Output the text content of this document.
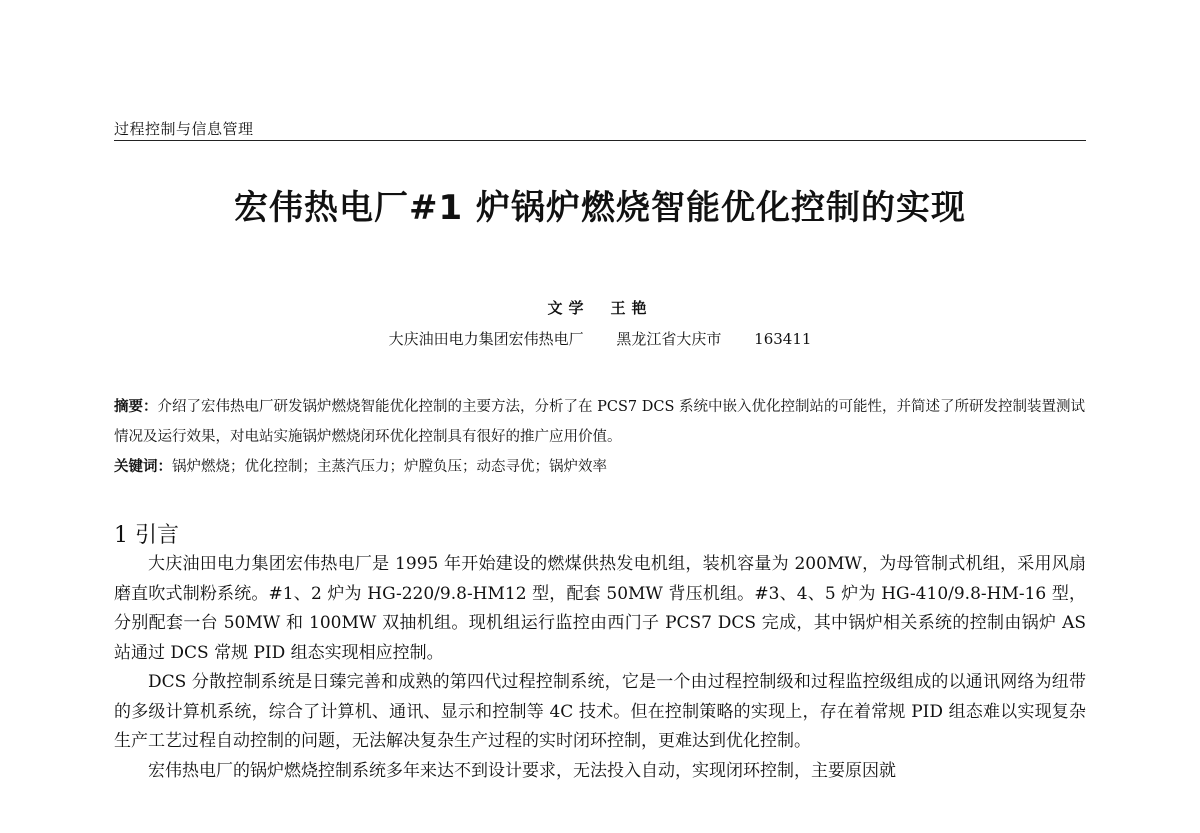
过程控制与信息管理
宏伟热电厂#1 炉锅炉燃烧智能优化控制的实现
文学　王艳
大庆油田电力集团宏伟热电厂 黑龙江省大庆市 163411
摘要：介绍了宏伟热电厂研发锅炉燃烧智能优化控制的主要方法，分析了在 PCS7 DCS 系统中嵌入优化控制站的可能性，并简述了所研发控制装置测试情况及运行效果，对电站实施锅炉燃烧闭环优化控制具有很好的推广应用价值。
关键词：锅炉燃烧；优化控制；主蒸汽压力；炉膛负压；动态寻优；锅炉效率
1 引言

大庆油田电力集团宏伟热电厂是 1995 年开始建设的燃煤供热发电机组，装机容量为 200MW，为母管制式机组，采用风扇磨直吹式制粉系统。#1、2 炉为 HG-220/9.8-HM12 型，配套 50MW 背压机组。#3、4、5 炉为 HG-410/9.8-HM-16 型，分别配套一台 50MW 和 100MW 双抽机组。现机组运行监控由西门子 PCS7 DCS 完成，其中锅炉相关系统的控制由锅炉 AS 站通过 DCS 常规 PID 组态实现相应控制。

DCS 分散控制系统是日臻完善和成熟的第四代过程控制系统，它是一个由过程控制级和过程监控级组成的以通讯网络为纽带的多级计算机系统，综合了计算机、通讯、显示和控制等 4C 技术。但在控制策略的实现上，存在着常规 PID 组态难以实现复杂生产工艺过程自动控制的问题，无法解决复杂生产过程的实时闭环控制，更难达到优化控制。

宏伟热电厂的锅炉燃烧控制系统多年来达不到设计要求，无法投入自动，实现闭环控制，主要原因就
